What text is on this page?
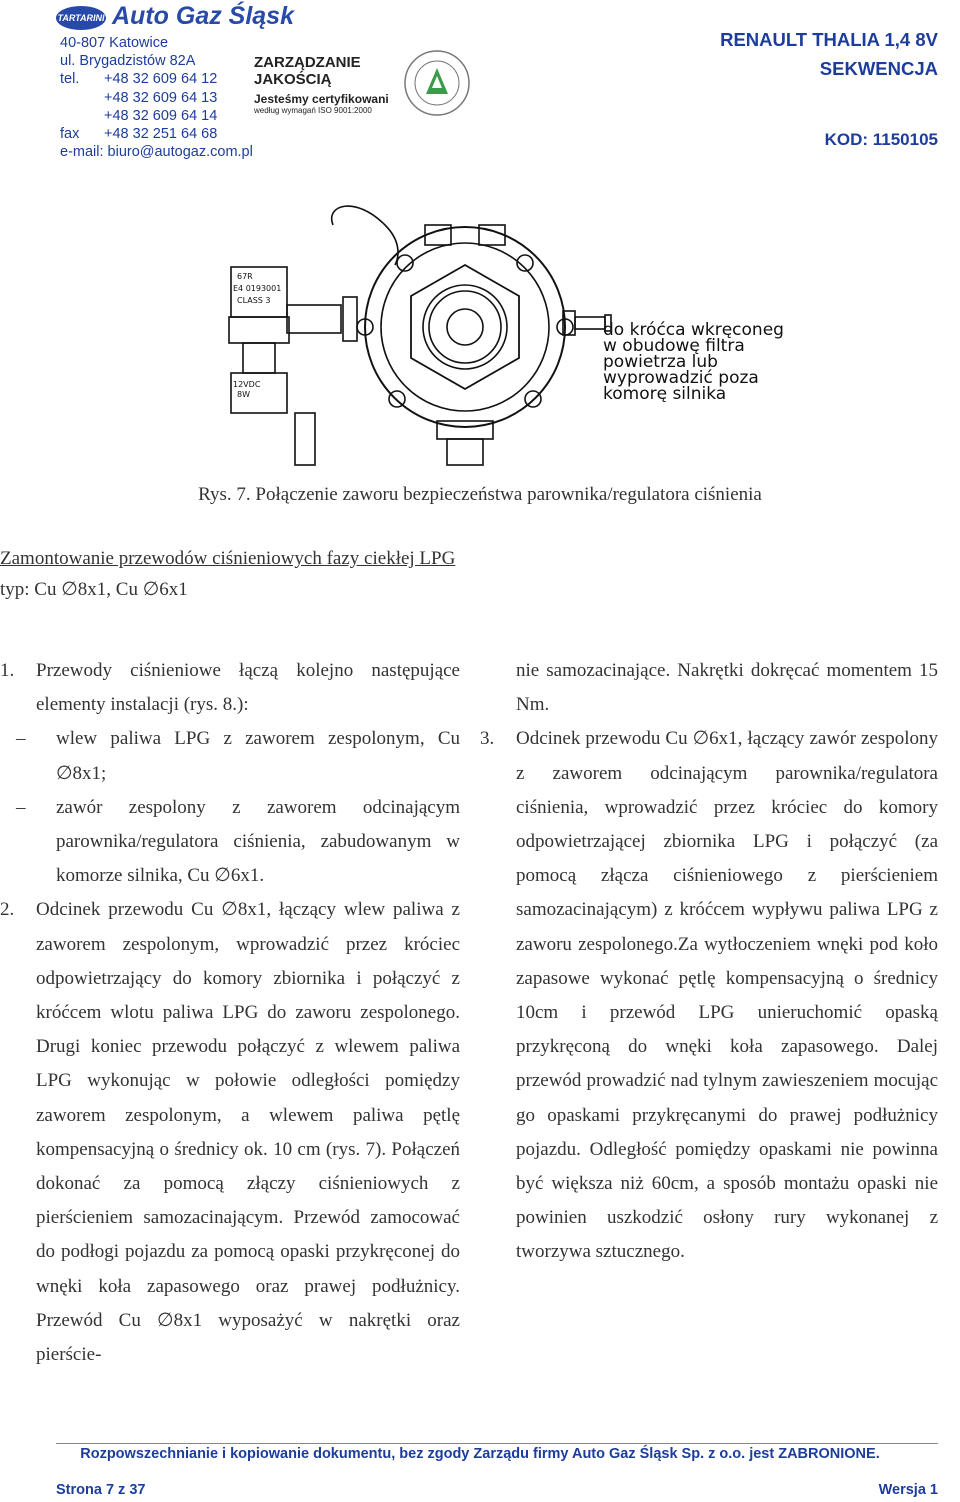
TARTARINI Auto Gaz Śląsk
40-807 Katowice
ul. Brygadzistów 82A
tel.	+48 32 609 64 12
+48 32 609 64 13
+48 32 609 64 14
fax	+48 32 251 64 68
e-mail: biuro@autogaz.com.pl
ZARZĄDZANIE
JAKOŚCIĄ
Jesteśmy certyfikowani
według wymagań ISO 9001:2000
RENAULT THALIA 1,4 8V
SEKWENCJA
KOD: 1150105
67R
E4 0193001
CLASS 3
12VDC
8W
do króćca wkręconego
w obudowę filtra
powietrza lub
wyprowadzić poza
komorę silnika
Rys. 7. Połączenie zaworu bezpieczeństwa parownika/regulatora ciśnienia
Zamontowanie przewodów ciśnieniowych fazy ciekłej LPG
typ: Cu ∅8x1, Cu ∅6x1
1. Przewody ciśnieniowe łączą kolejno następujące elementy instalacji (rys. 8.):
– wlew paliwa LPG z zaworem zespolonym, Cu ∅8x1;
– zawór zespolony z zaworem odcinającym parownika/regulatora ciśnienia, zabudowanym w komorze silnika, Cu ∅6x1.
2. Odcinek przewodu Cu ∅8x1, łączący wlew paliwa z zaworem zespolonym, wprowadzić przez króciec odpowietrzający do komory zbiornika i połączyć z króćcem wlotu paliwa LPG do zaworu zespolonego. Drugi koniec przewodu połączyć z wlewem paliwa LPG wykonując w połowie odległości pomiędzy zaworem zespolonym, a wlewem paliwa pętlę kompensacyjną o średnicy ok. 10 cm (rys. 7). Połączeń dokonać za pomocą złączy ciśnieniowych z pierścieniem samozacinającym. Przewód zamocować do podłogi pojazdu za pomocą opaski przykręconej do wnęki koła zapasowego oraz prawej podłużnicy. Przewód Cu ∅8x1 wyposażyć w nakrętki oraz pierście-
nie samozacinające. Nakrętki dokręcać momentem 15 Nm.
3. Odcinek przewodu Cu ∅6x1, łączący zawór zespolony z zaworem odcinającym parownika/regulatora ciśnienia, wprowadzić przez króciec do komory odpowietrzającej zbiornika LPG i połączyć (za pomocą złącza ciśnieniowego z pierścieniem samozacinającym) z króćcem wypływu paliwa LPG z zaworu zespolonego.Za wytłoczeniem wnęki pod koło zapasowe wykonać pętlę kompensacyjną o średnicy 10cm i przewód LPG unieruchomić opaską przykręconą do wnęki koła zapasowego. Dalej przewód prowadzić nad tylnym zawieszeniem mocując go opaskami przykręcanymi do prawej podłużnicy pojazdu. Odległość pomiędzy opaskami nie powinna być większa niż 60cm, a sposób montażu opaski nie powinien uszkodzić osłony rury wykonanej z tworzywa sztucznego.
Rozpowszechnianie i kopiowanie dokumentu, bez zgody Zarządu firmy Auto Gaz Śląsk Sp. z o.o. jest ZABRONIONE.
Strona 7 z 37	Wersja 1
